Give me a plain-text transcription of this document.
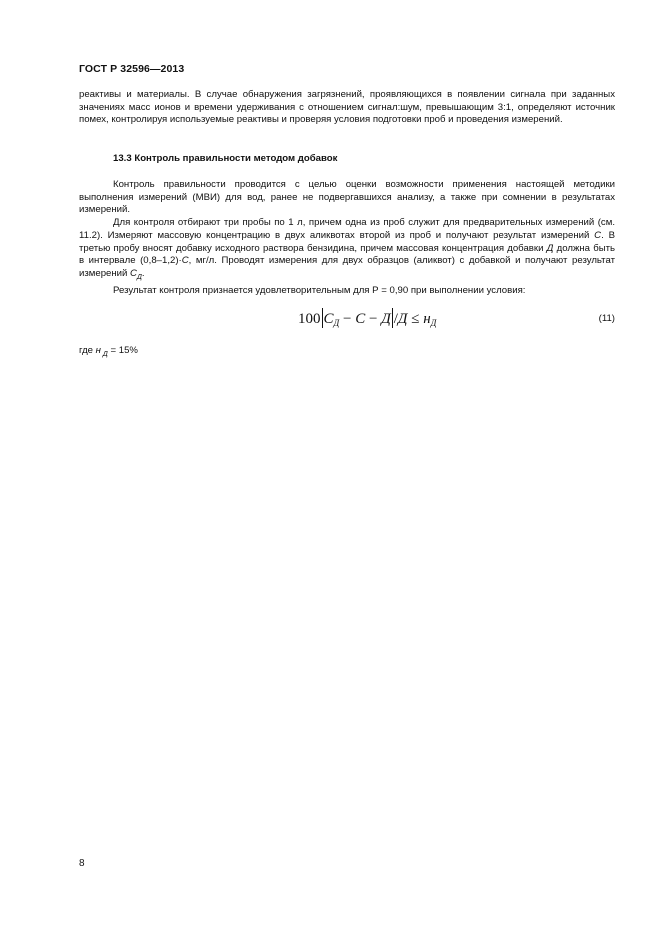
ГОСТ Р 32596—2013

реактивы и материалы. В случае обнаружения загрязнений, проявляющихся в появлении сигнала при заданных значениях масс ионов и времени удерживания с отношением сигнал:шум, превышающим 3:1, определяют источник помех, контролируя используемые реактивы и проверяя условия подготовки проб и проведения измерений.

13.3 Контроль правильности методом добавок

Контроль правильности проводится с целью оценки возможности применения настоящей методики выполнения измерений (МВИ) для вод, ранее не подвергавшихся анализу, а также при сомнении в результатах измерений.

Для контроля отбирают три пробы по 1 л, причем одна из проб служит для предварительных измерений (см. 11.2). Измеряют массовую концентрацию в двух аликвотах второй из проб и получают результат измерений С. В третью пробу вносят добавку исходного раствора бензидина, причем массовая концентрация добавки Д должна быть в интервале (0,8–1,2)·С, мг/л. Проводят измерения для двух образцов (аликвот) с добавкой и получают результат измерений $С_Д$.

Результат контроля признается удовлетворительным для Р = 0,90 при выполнении условия:

100 $C_Д - C - Д$ $/Д \le н_Д$	(11)
где н $_Д$ = 15%
8
